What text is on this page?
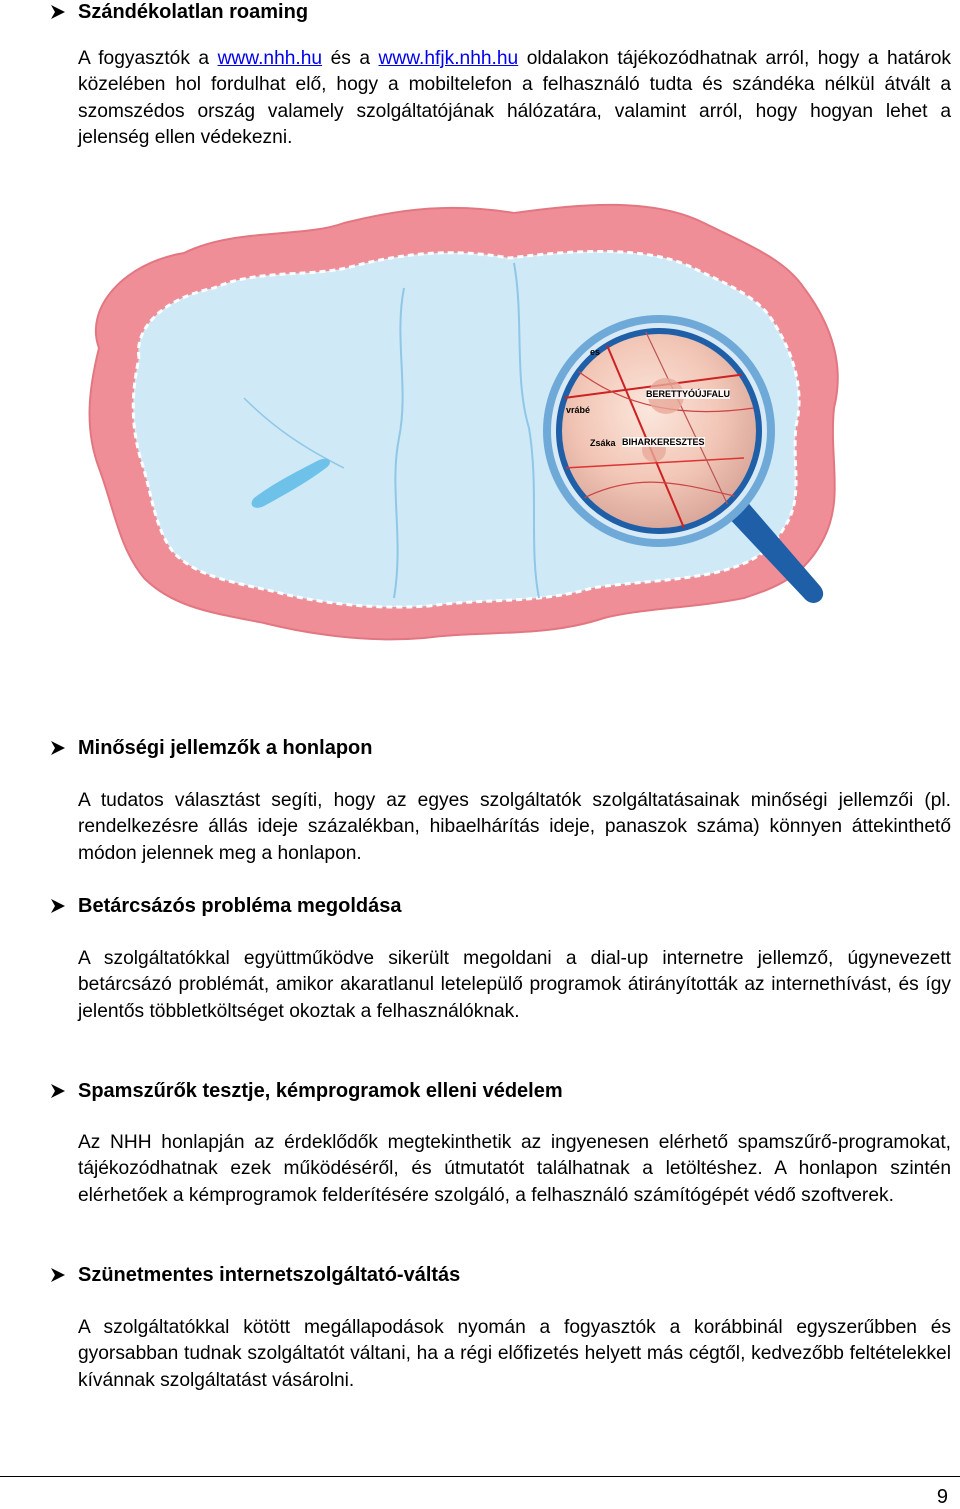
Szándékolatlan roaming

A fogyasztók a www.nhh.hu és a www.hfjk.nhh.hu oldalakon tájékozódhatnak arról, hogy a határok közelében hol fordulhat elő, hogy a mobiltelefon a felhasználó tudta és szándéka nélkül átvált a szomszédos ország valamely szolgáltatójának hálózatára, valamint arról, hogy hogyan lehet a jelenség ellen védekezni.

es
vrábé
Zsáka
BERETTYÓÚJFALU
BIHARKERESZTES
Minőségi jellemzők a honlapon

A tudatos választást segíti, hogy az egyes szolgáltatók szolgáltatásainak minőségi jellemzői (pl. rendelkezésre állás ideje százalékban, hibaelhárítás ideje, panaszok száma) könnyen áttekinthető módon jelennek meg a honlapon.

Betárcsázós probléma megoldása

A szolgáltatókkal együttműködve sikerült megoldani a dial-up internetre jellemző, úgynevezett betárcsázó problémát, amikor akaratlanul letelepülő programok átirányították az internethívást, és így jelentős többletköltséget okoztak a felhasználóknak.

Spamszűrők tesztje, kémprogramok elleni védelem

Az NHH honlapján az érdeklődők megtekinthetik az ingyenesen elérhető spamszűrő-programokat, tájékozódhatnak ezek működéséről, és útmutatót találhatnak a letöltéshez. A honlapon szintén elérhetőek a kémprogramok felderítésére szolgáló, a felhasználó számítógépét védő szoftverek.

Szünetmentes internetszolgáltató-váltás

A szolgáltatókkal kötött megállapodások nyomán a fogyasztók a korábbinál egyszerűbben és gyorsabban tudnak szolgáltatót váltani, ha a régi előfizetés helyett más cégtől, kedvezőbb feltételekkel kívánnak szolgáltatást vásárolni.

9
